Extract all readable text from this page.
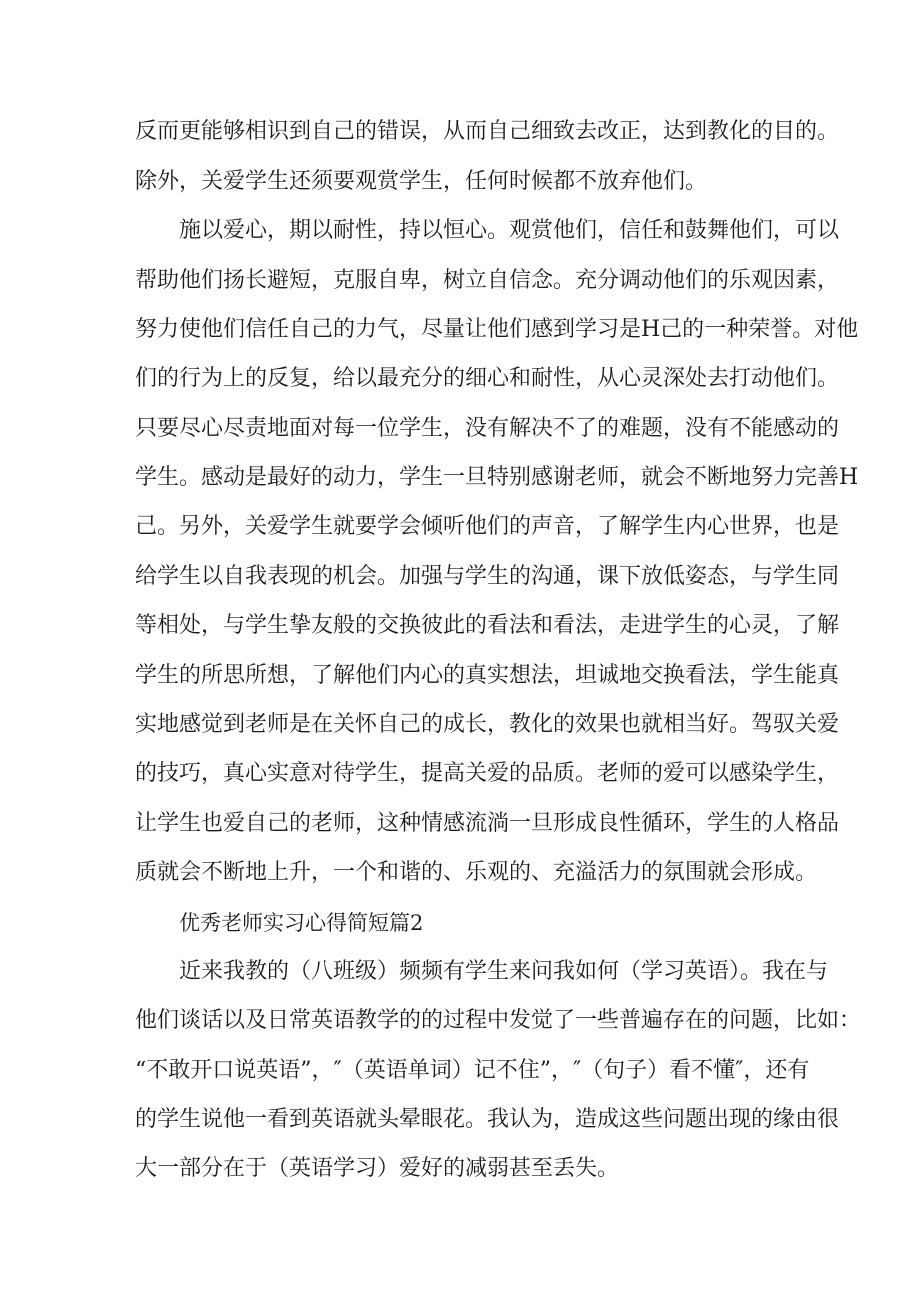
反而更能够相识到自己的错误，从而自己细致去改正，达到教化的目的。
除外，关爱学生还须要观赏学生，任何时候都不放弃他们。
施以爱心，期以耐性，持以恒心。观赏他们，信任和鼓舞他们，可以
帮助他们扬长避短，克服自卑，树立自信念。充分调动他们的乐观因素，
努力使他们信任自己的力气，尽量让他们感到学习是H己的一种荣誉。对他
们的行为上的反复，给以最充分的细心和耐性，从心灵深处去打动他们。
只要尽心尽责地面对每一位学生，没有解决不了的难题，没有不能感动的
学生。感动是最好的动力，学生一旦特别感谢老师，就会不断地努力完善H
己。另外，关爱学生就要学会倾听他们的声音，了解学生内心世界，也是
给学生以自我表现的机会。加强与学生的沟通，课下放低姿态，与学生同
等相处，与学生挚友般的交换彼此的看法和看法，走进学生的心灵，了解
学生的所思所想，了解他们内心的真实想法，坦诚地交换看法，学生能真
实地感觉到老师是在关怀自己的成长，教化的效果也就相当好。驾驭关爱
的技巧，真心实意对待学生，提高关爱的品质。老师的爱可以感染学生，
让学生也爱自己的老师，这种情感流淌一旦形成良性循环，学生的人格品
质就会不断地上升，一个和谐的、乐观的、充溢活力的氛围就会形成。
优秀老师实习心得简短篇2
近来我教的（八班级）频频有学生来问我如何（学习英语）。我在与
他们谈话以及日常英语教学的的过程中发觉了一些普遍存在的问题，比如：
“不敢开口说英语”，″（英语单词）记不住”，″（句子）看不懂″，还有
的学生说他一看到英语就头晕眼花。我认为，造成这些问题出现的缘由很
大一部分在于（英语学习）爱好的减弱甚至丢失。
